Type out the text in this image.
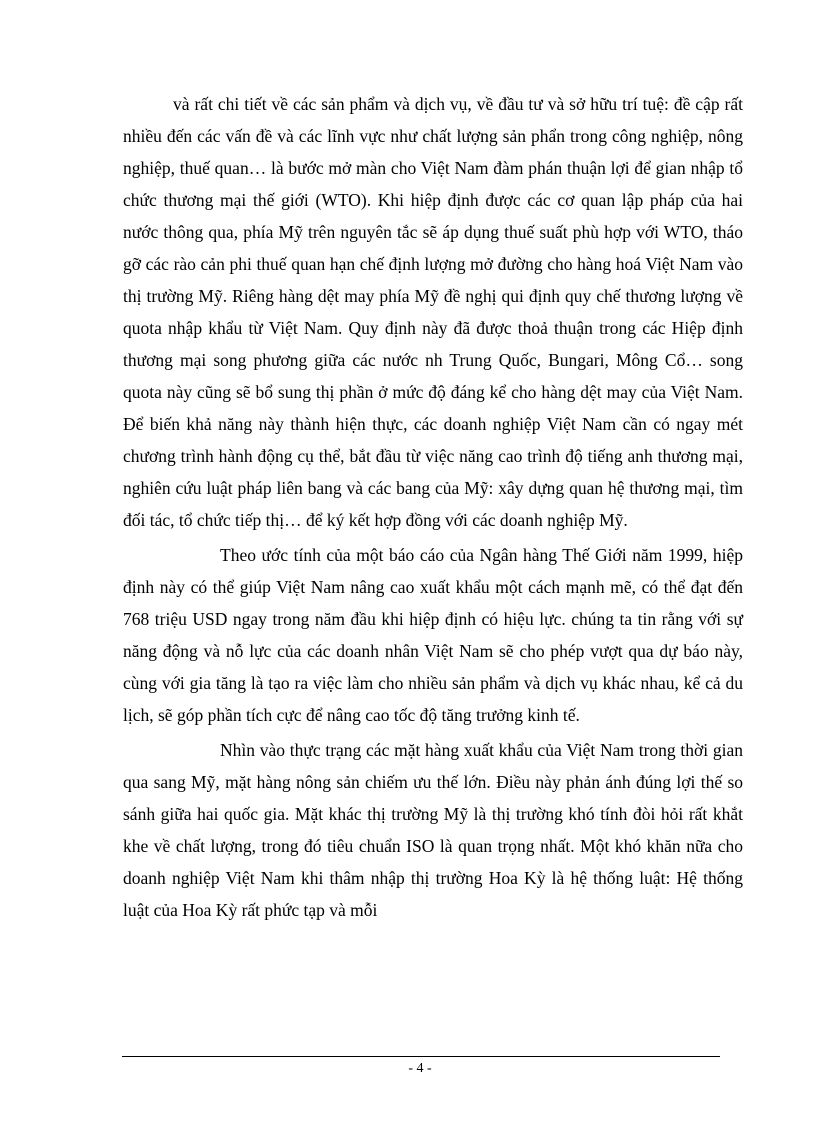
và rất chi tiết về các sản phẩm và dịch vụ, về đầu tư và sở hữu trí tuệ: đề cập rất nhiều đến các vấn đề và các lĩnh vực như chất lượng sản phẩn trong công nghiệp, nông nghiệp, thuế quan… là bước mở màn cho Việt Nam đàm phán thuận lợi để gian nhập tổ chức thương mại thế giới (WTO). Khi hiệp định được các cơ quan lập pháp của hai nước thông qua, phía Mỹ trên nguyên tắc sẽ áp dụng thuế suất phù hợp với WTO, tháo gỡ các rào cản phi thuế quan hạn chế định lượng mở đường cho hàng hoá Việt Nam vào thị trường Mỹ. Riêng hàng dệt may phía Mỹ đề nghị qui định quy chế thương lượng về quota nhập khẩu từ Việt Nam. Quy định này đã được thoả thuận trong các Hiệp định thương mại song phương giữa các nước nh Trung Quốc, Bungari, Mông Cổ… song quota này cũng sẽ bổ sung thị phần ở mức độ đáng kể cho hàng dệt may của Việt Nam. Để biến khả năng này thành hiện thực, các doanh nghiệp Việt Nam cần có ngay mét chương trình hành động cụ thể, bắt đầu từ việc năng cao trình độ tiếng anh thương mại, nghiên cứu luật pháp liên bang và các bang của Mỹ: xây dựng quan hệ thương mại, tìm đối tác, tổ chức tiếp thị… để ký kết hợp đồng với các doanh nghiệp Mỹ.

Theo ước tính của một báo cáo của Ngân hàng Thế Giới năm 1999, hiệp định này có thể giúp Việt Nam nâng cao xuất khẩu một cách mạnh mẽ, có thể đạt đến 768 triệu USD ngay trong năm đầu khi hiệp định có hiệu lực. chúng ta tin rằng với sự năng động và nỗ lực của các doanh nhân Việt Nam sẽ cho phép vượt qua dự báo này, cùng với gia tăng là tạo ra việc làm cho nhiều sản phẩm và dịch vụ khác nhau, kể cả du lịch, sẽ góp phần tích cực để nâng cao tốc độ tăng trưởng kinh tế.

Nhìn vào thực trạng các mặt hàng xuất khẩu của Việt Nam trong thời gian qua sang Mỹ, mặt hàng nông sản chiếm ưu thế lớn. Điều này phản ánh đúng lợi thế so sánh giữa hai quốc gia. Mặt khác thị trường Mỹ là thị trường khó tính đòi hỏi rất khắt khe về chất lượng, trong đó tiêu chuẩn ISO là quan trọng nhất. Một khó khăn nữa cho doanh nghiệp Việt Nam khi thâm nhập thị trường Hoa Kỳ là hệ thống luật: Hệ thống luật của Hoa Kỳ rất phức tạp và mỗi

- 4 -
